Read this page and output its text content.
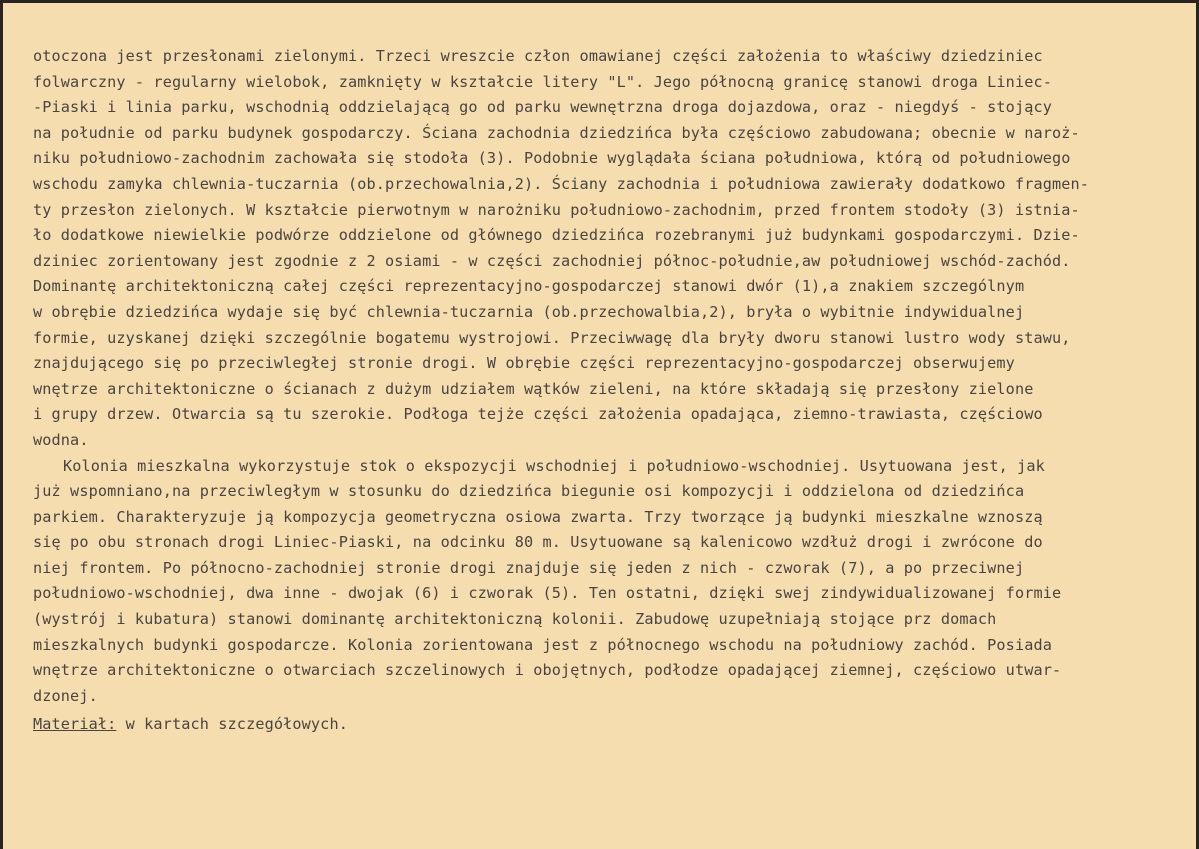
otoczona jest przesłonami zielonymi. Trzeci wreszcie człon omawianej części założenia to właściwy dziedziniec
folwarczny - regularny wielobok, zamknięty w kształcie litery "L". Jego północną granicę stanowi droga Liniec-
-Piaski i linia parku, wschodnią oddzielającą go od parku wewnętrzna droga dojazdowa, oraz - niegdyś - stojący
na południe od parku budynek gospodarczy. Ściana zachodnia dziedzińca była częściowo zabudowana; obecnie w naroż-
niku południowo-zachodnim zachowała się stodoła (3). Podobnie wyglądała ściana południowa, którą od południowego
wschodu zamyka chlewnia-tuczarnia (ob.przechowalnia,2). Ściany zachodnia i południowa zawierały dodatkowo fragmen-
ty przesłon zielonych. W kształcie pierwotnym w narożniku południowo-zachodnim, przed frontem stodoły (3) istnia-
ło dodatkowe niewielkie podwórze oddzielone od głównego dziedzińca rozebranymi już budynkami gospodarczymi. Dzie-
dziniec zorientowany jest zgodnie z 2 osiami - w części zachodniej północ-południe,aw południowej wschód-zachód.
Dominantę architektoniczną całej części reprezentacyjno-gospodarczej stanowi dwór (1),a znakiem szczególnym
w obrębie dziedzińca wydaje się być chlewnia-tuczarnia (ob.przechowalbia,2), bryła o wybitnie indywidualnej
formie, uzyskanej dzięki szczególnie bogatemu wystrojowi. Przeciwwagę dla bryły dworu stanowi lustro wody stawu,
znajdującego się po przeciwległej stronie drogi. W obrębie części reprezentacyjno-gospodarczej obserwujemy
wnętrze architektoniczne o ścianach z dużym udziałem wątków zieleni, na które składają się przesłony zielone
i grupy drzew. Otwarcia są tu szerokie. Podłoga tejże części założenia opadająca, ziemno-trawiasta, częściowo
wodna.
Kolonia mieszkalna wykorzystuje stok o ekspozycji wschodniej i południowo-wschodniej. Usytuowana jest, jak
już wspomniano,na przeciwległym w stosunku do dziedzińca biegunie osi kompozycji i oddzielona od dziedzińca
parkiem. Charakteryzuje ją kompozycja geometryczna osiowa zwarta. Trzy tworzące ją budynki mieszkalne wznoszą
się po obu stronach drogi Liniec-Piaski, na odcinku 80 m. Usytuowane są kalenicowo wzdłuż drogi i zwrócone do
niej frontem. Po północno-zachodniej stronie drogi znajduje się jeden z nich - czworak (7), a po przeciwnej
południowo-wschodniej, dwa inne - dwojak (6) i czworak (5). Ten ostatni, dzięki swej zindywidualizowanej formie
(wystrój i kubatura) stanowi dominantę architektoniczną kolonii. Zabudowę uzupełniają stojące prz domach
mieszkalnych budynki gospodarcze. Kolonia zorientowana jest z północnego wschodu na południowy zachód. Posiada
wnętrze architektoniczne o otwarciach szczelinowych i obojętnych, podłodze opadającej ziemnej, częściowo utwar-
dzonej.
Materiał: w kartach szczegółowych.
